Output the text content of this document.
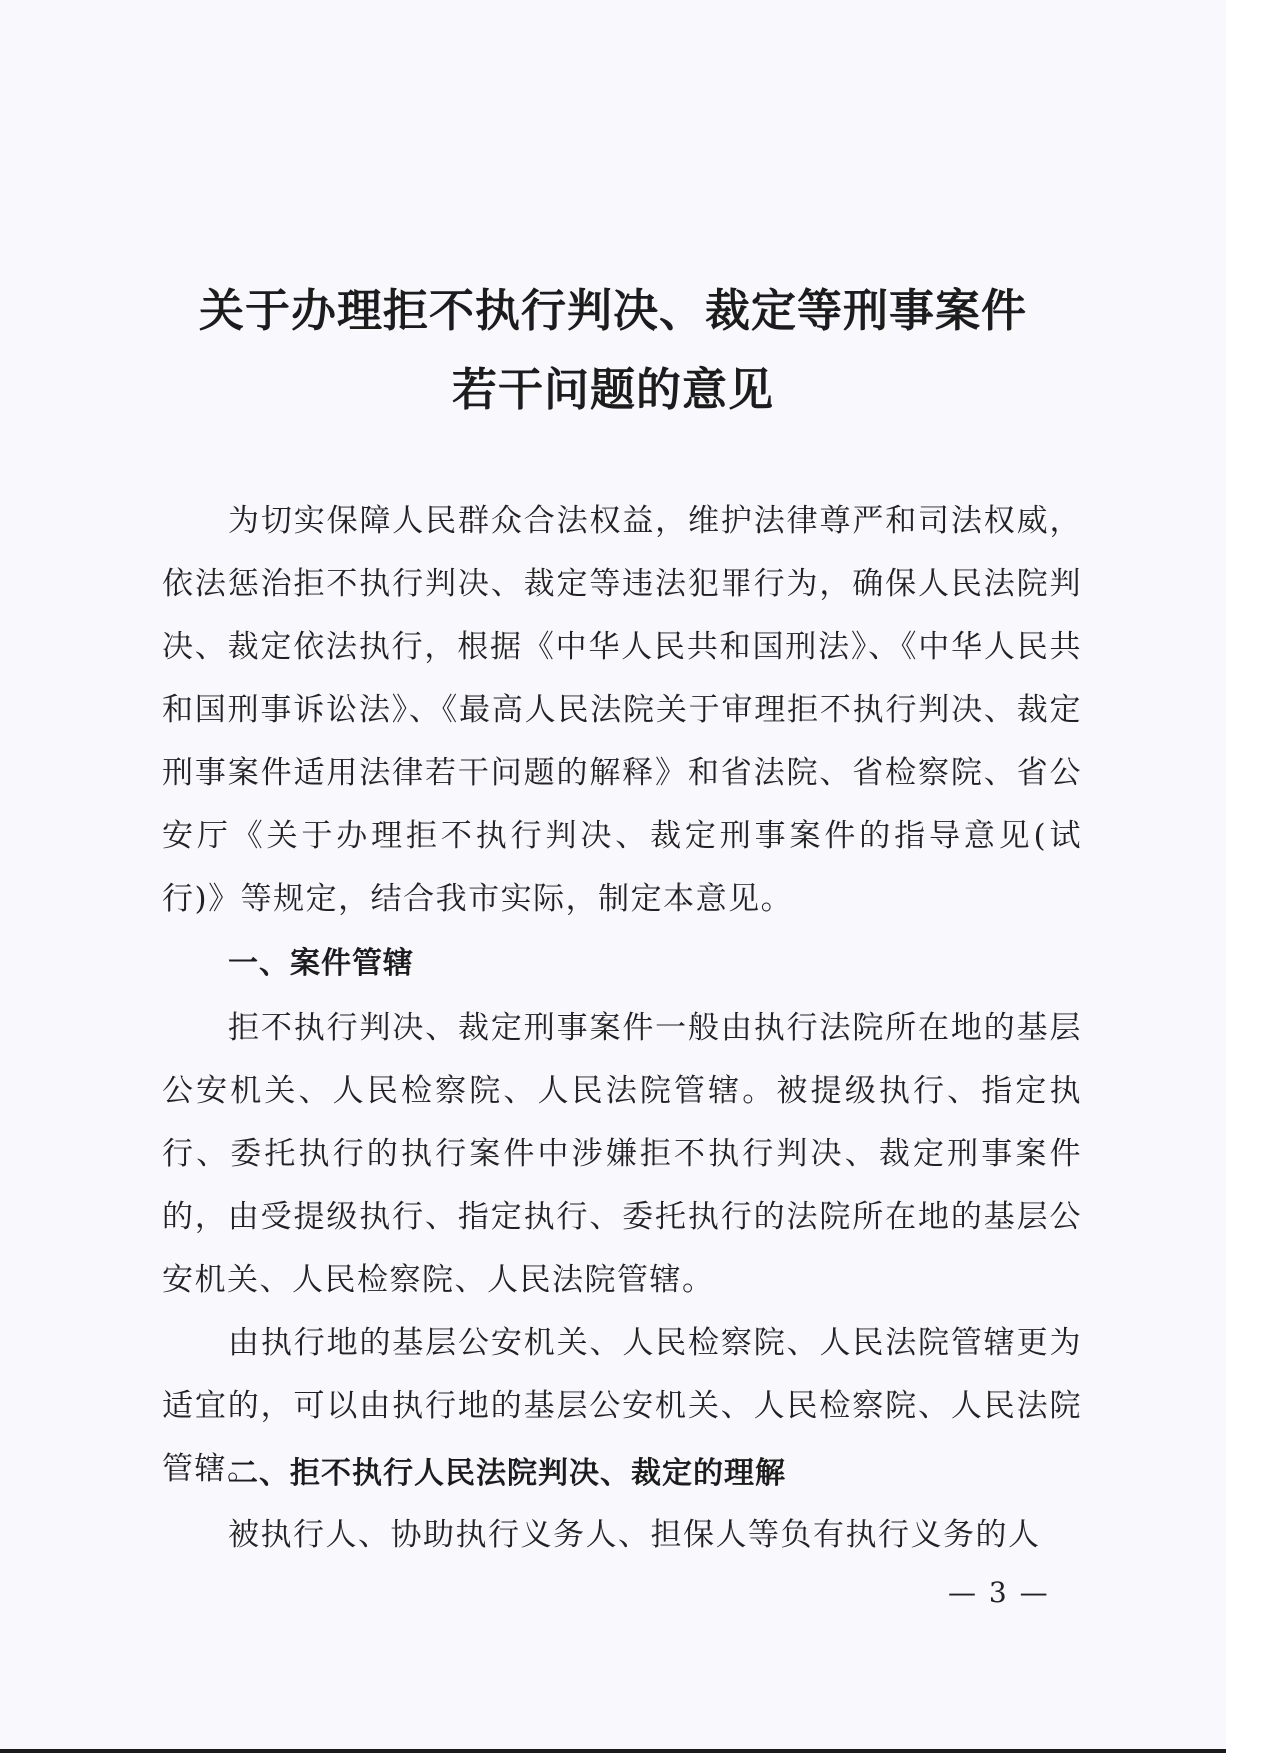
关于办理拒不执行判决、裁定等刑事案件
若干问题的意见

为切实保障人民群众合法权益，维护法律尊严和司法权威，依法惩治拒不执行判决、裁定等违法犯罪行为，确保人民法院判决、裁定依法执行，根据《中华人民共和国刑法》、《中华人民共和国刑事诉讼法》、《最高人民法院关于审理拒不执行判决、裁定刑事案件适用法律若干问题的解释》和省法院、省检察院、省公安厅《关于办理拒不执行判决、裁定刑事案件的指导意见(试行)》等规定，结合我市实际，制定本意见。

一、案件管辖

拒不执行判决、裁定刑事案件一般由执行法院所在地的基层公安机关、人民检察院、人民法院管辖。被提级执行、指定执行、委托执行的执行案件中涉嫌拒不执行判决、裁定刑事案件的，由受提级执行、指定执行、委托执行的法院所在地的基层公安机关、人民检察院、人民法院管辖。

由执行地的基层公安机关、人民检察院、人民法院管辖更为适宜的，可以由执行地的基层公安机关、人民检察院、人民法院管辖。

二、拒不执行人民法院判决、裁定的理解

被执行人、协助执行义务人、担保人等负有执行义务的人

— 3 —
